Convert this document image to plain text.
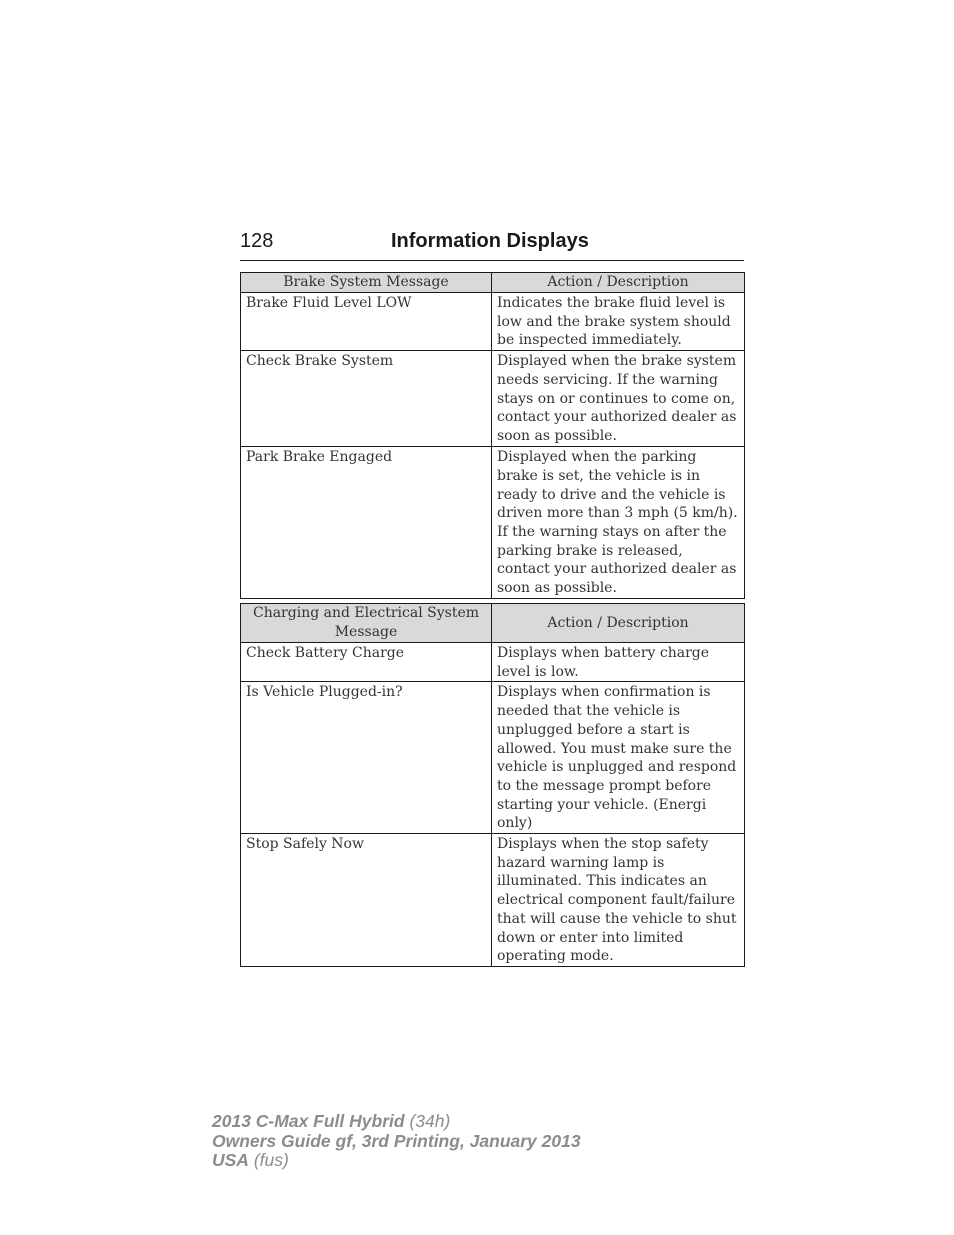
128	Information Displays
Brake System Message	Action / Description
Brake Fluid Level LOW	Indicates the brake fluid level is low and the brake system should be inspected immediately.
Check Brake System	Displayed when the brake system needs servicing. If the warning stays on or continues to come on, contact your authorized dealer as soon as possible.
Park Brake Engaged	Displayed when the parking brake is set, the vehicle is in ready to drive and the vehicle is driven more than 3 mph (5 km/h). If the warning stays on after the parking brake is released, contact your authorized dealer as soon as possible.
Charging and Electrical System Message	Action / Description
Check Battery Charge	Displays when battery charge level is low.
Is Vehicle Plugged-in?	Displays when confirmation is needed that the vehicle is unplugged before a start is allowed. You must make sure the vehicle is unplugged and respond to the message prompt before starting your vehicle. (Energi only)
Stop Safely Now	Displays when the stop safety hazard warning lamp is illuminated. This indicates an electrical component fault/failure that will cause the vehicle to shut down or enter into limited operating mode.
2013 C-Max Full Hybrid (34h)
Owners Guide gf, 3rd Printing, January 2013
USA (fus)
